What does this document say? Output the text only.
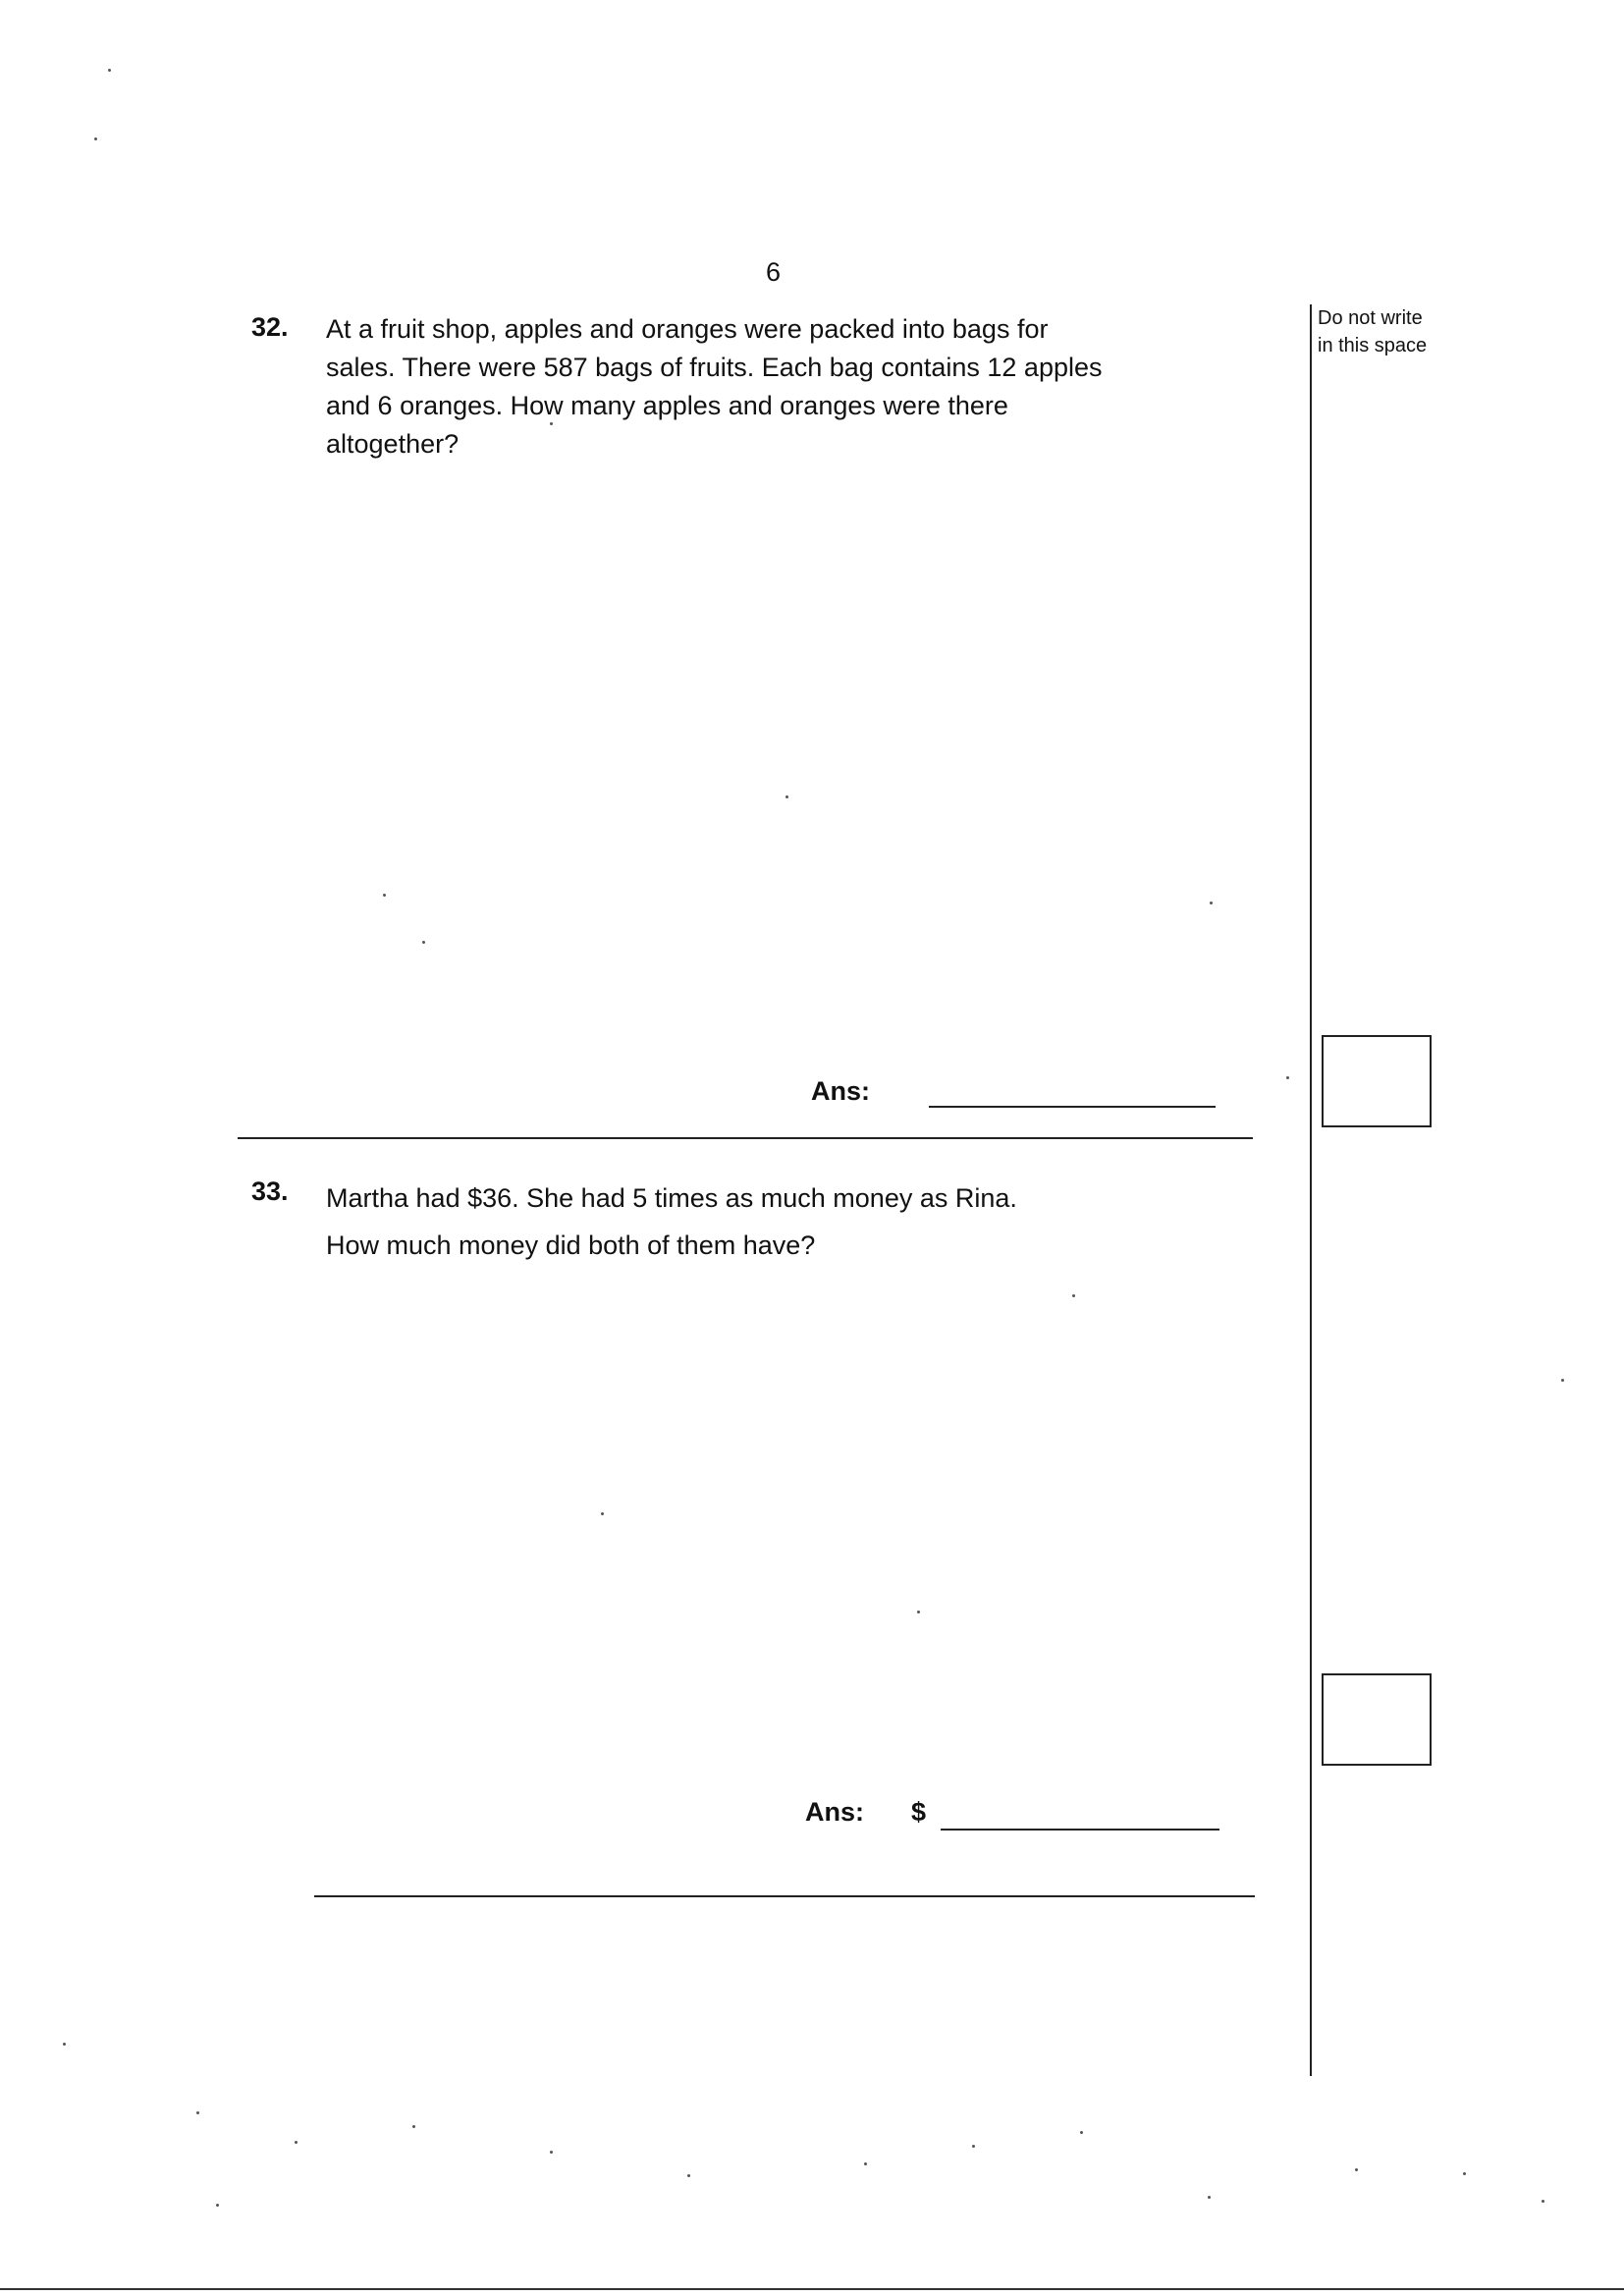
6
32. At a fruit shop, apples and oranges were packed into bags for
sales. There were 587 bags of fruits. Each bag contains 12 apples
and 6 oranges. How many apples and oranges were there
altogether?
Ans:
33. Martha had $36. She had 5 times as much money as Rina.
How much money did both of them have?
Ans: $
Do not write
in this space
